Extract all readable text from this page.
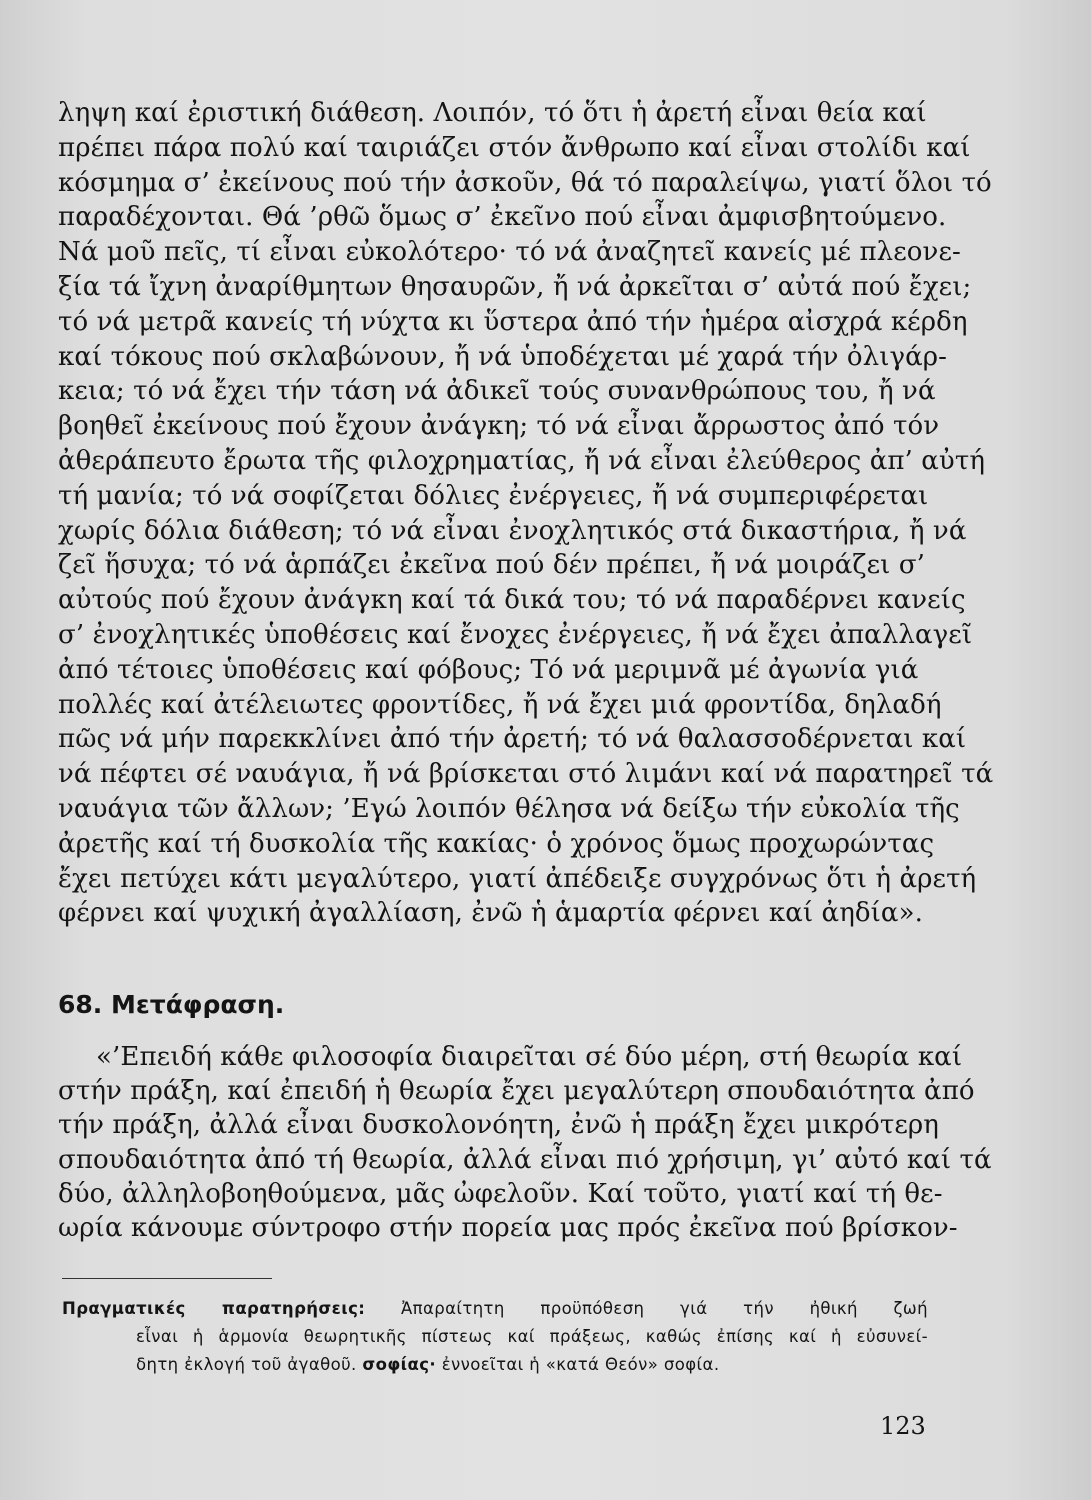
ληψη καί ἐριστική διάθεση. Λοιπόν, τό ὅτι ἡ ἀρετή εἶναι θεία καί
πρέπει πάρα πολύ καί ταιριάζει στόν ἄνθρωπο καί εἶναι στολίδι καί
κόσμημα σ’ ἐκείνους πού τήν ἀσκοῦν, θά τό παραλείψω, γιατί ὅλοι τό
παραδέχονται. Θά ’ρθῶ ὅμως σ’ ἐκεῖνο πού εἶναι ἀμφισβητούμενο.
Νά μοῦ πεῖς, τί εἶναι εὐκολότερο· τό νά ἀναζητεῖ κανείς μέ πλεονε-
ξία τά ἴχνη ἀναρίθμητων θησαυρῶν, ἤ νά ἀρκεῖται σ’ αὐτά πού ἔχει;
τό νά μετρᾶ κανείς τή νύχτα κι ὕστερα ἀπό τήν ἡμέρα αἰσχρά κέρδη
καί τόκους πού σκλαβώνουν, ἤ νά ὑποδέχεται μέ χαρά τήν ὀλιγάρ-
κεια; τό νά ἔχει τήν τάση νά ἀδικεῖ τούς συνανθρώπους του, ἤ νά
βοηθεῖ ἐκείνους πού ἔχουν ἀνάγκη; τό νά εἶναι ἄρρωστος ἀπό τόν
ἀθεράπευτο ἔρωτα τῆς φιλοχρηματίας, ἤ νά εἶναι ἐλεύθερος ἀπ’ αὐτή
τή μανία; τό νά σοφίζεται δόλιες ἐνέργειες, ἤ νά συμπεριφέρεται
χωρίς δόλια διάθεση; τό νά εἶναι ἐνοχλητικός στά δικαστήρια, ἤ νά
ζεῖ ἥσυχα; τό νά ἁρπάζει ἐκεῖνα πού δέν πρέπει, ἤ νά μοιράζει σ’
αὐτούς πού ἔχουν ἀνάγκη καί τά δικά του; τό νά παραδέρνει κανείς
σ’ ἐνοχλητικές ὑποθέσεις καί ἔνοχες ἐνέργειες, ἤ νά ἔχει ἀπαλλαγεῖ
ἀπό τέτοιες ὑποθέσεις καί φόβους; Τό νά μεριμνᾶ μέ ἀγωνία γιά
πολλές καί ἀτέλειωτες φροντίδες, ἤ νά ἔχει μιά φροντίδα, δηλαδή
πῶς νά μήν παρεκκλίνει ἀπό τήν ἀρετή; τό νά θαλασσοδέρνεται καί
νά πέφτει σέ ναυάγια, ἤ νά βρίσκεται στό λιμάνι καί νά παρατηρεῖ τά
ναυάγια τῶν ἄλλων; ’Εγώ λοιπόν θέλησα νά δείξω τήν εὐκολία τῆς
ἀρετῆς καί τή δυσκολία τῆς κακίας· ὁ χρόνος ὅμως προχωρώντας
ἔχει πετύχει κάτι μεγαλύτερο, γιατί ἀπέδειξε συγχρόνως ὅτι ἡ ἀρετή
φέρνει καί ψυχική ἀγαλλίαση, ἐνῶ ἡ ἁμαρτία φέρνει καί ἀηδία».
68. Μετάφραση.
«’Επειδή κάθε φιλοσοφία διαιρεῖται σέ δύο μέρη, στή θεωρία καί
στήν πράξη, καί ἐπειδή ἡ θεωρία ἔχει μεγαλύτερη σπουδαιότητα ἀπό
τήν πράξη, ἀλλά εἶναι δυσκολονόητη, ἐνῶ ἡ πράξη ἔχει μικρότερη
σπουδαιότητα ἀπό τή θεωρία, ἀλλά εἶναι πιό χρήσιμη, γι’ αὐτό καί τά
δύο, ἀλληλοβοηθούμενα, μᾶς ὠφελοῦν. Καί τοῦτο, γιατί καί τή θε-
ωρία κάνουμε σύντροφο στήν πορεία μας πρός ἐκεῖνα πού βρίσκον-
Πραγματικές παρατηρήσεις: Ἀπαραίτητη προϋπόθεση γιά τήν ἠθική ζωή
εἶναι ἡ ἁρμονία θεωρητικῆς πίστεως καί πράξεως, καθώς ἐπίσης καί ἡ εὐσυνεί-
δητη ἐκλογή τοῦ ἀγαθοῦ. σοφίας· ἐννοεῖται ἡ «κατά Θεόν» σοφία.
123
